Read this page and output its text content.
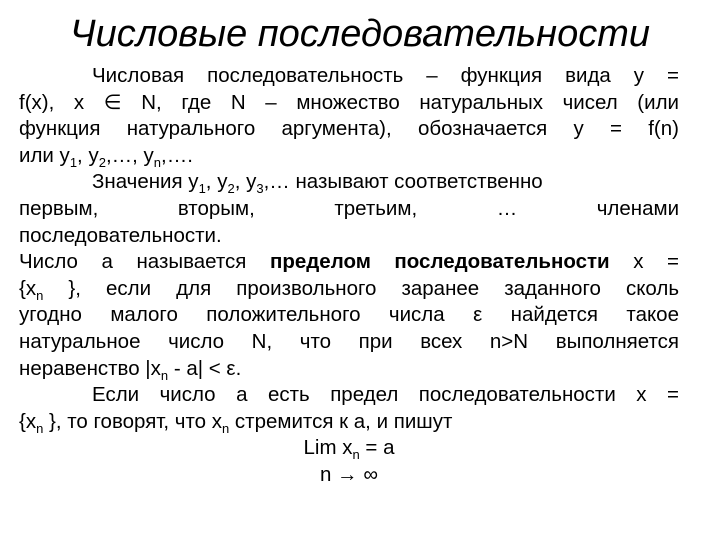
Числовые последовательности
Числовая последовательность – функция вида y =
f(x), x ∈ N, где N – множество натуральных чисел (или
функция натурального аргумента), обозначается y = f(n)
или $y_1$, $y_2,\dots$, $y_n,\dots$.
Значения $y_1$, $y_2$, $y_3,\dots$ называют соответственно
первым,	вторым,	третьим,	…	членами
последовательности.
Число a называется пределом последовательности x =
{$x_n$ }, если для произвольного заранее заданного сколь
угодно малого положительного числа ε найдется такое
натуральное число N, что при всех n>N выполняется
неравенство $|x_n - a| < \varepsilon$.
Если число a есть предел последовательности x =
{$x_n$ }, то говорят, что $x_n$ стремится к a, и пишут
Lim $x_n = a$
n → ∞
